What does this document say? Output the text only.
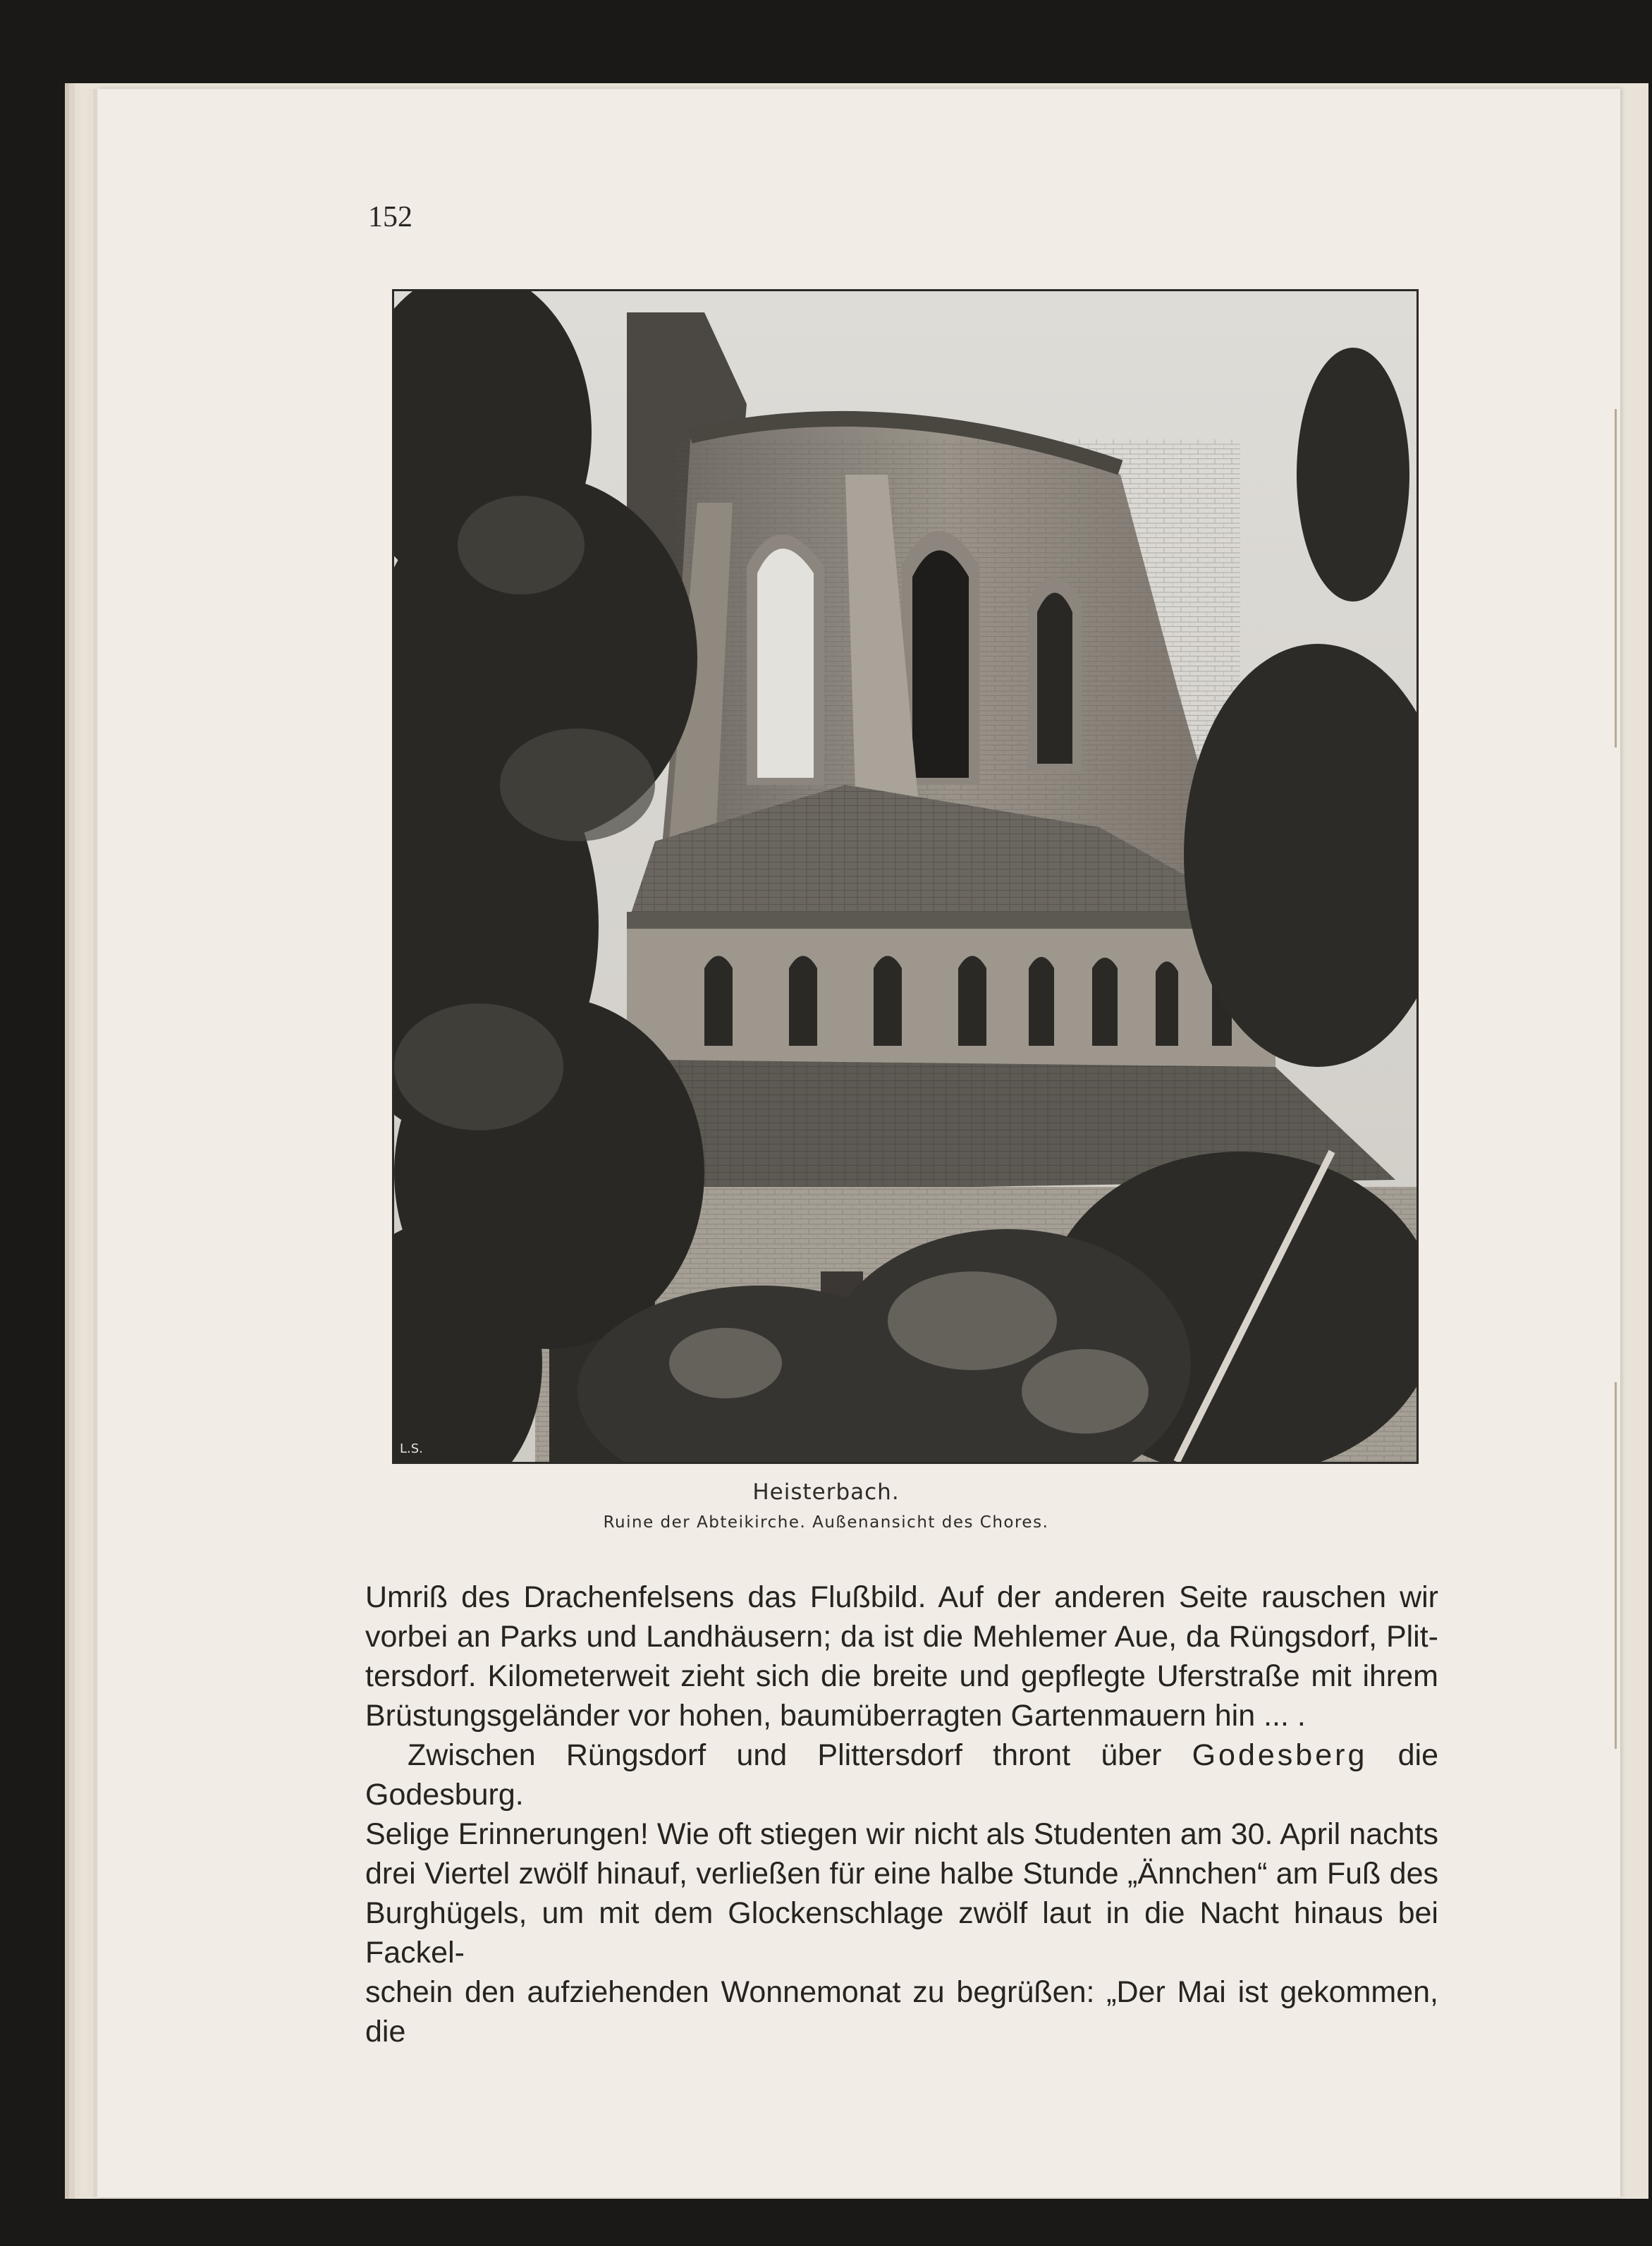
152
L.S.
Heisterbach.
Ruine der Abteikirche. Außenansicht des Chores.

Umriß des Drachenfelsens das Flußbild. Auf der anderen Seite rauschen wir

vorbei an Parks und Landhäusern; da ist die Mehlemer Aue, da Rüngsdorf, Plit-

tersdorf. Kilometerweit zieht sich die breite und gepflegte Uferstraße mit ihrem

Brüstungsgeländer vor hohen, baumüberragten Gartenmauern hin ... .

Zwischen Rüngsdorf und Plittersdorf thront über Godesberg die Godesburg.

Selige Erinnerungen! Wie oft stiegen wir nicht als Studenten am 30. April nachts

drei Viertel zwölf hinauf, verließen für eine halbe Stunde „Ännchen“ am Fuß des

Burghügels, um mit dem Glockenschlage zwölf laut in die Nacht hinaus bei Fackel-

schein den aufziehenden Wonnemonat zu begrüßen: „Der Mai ist gekommen, die
